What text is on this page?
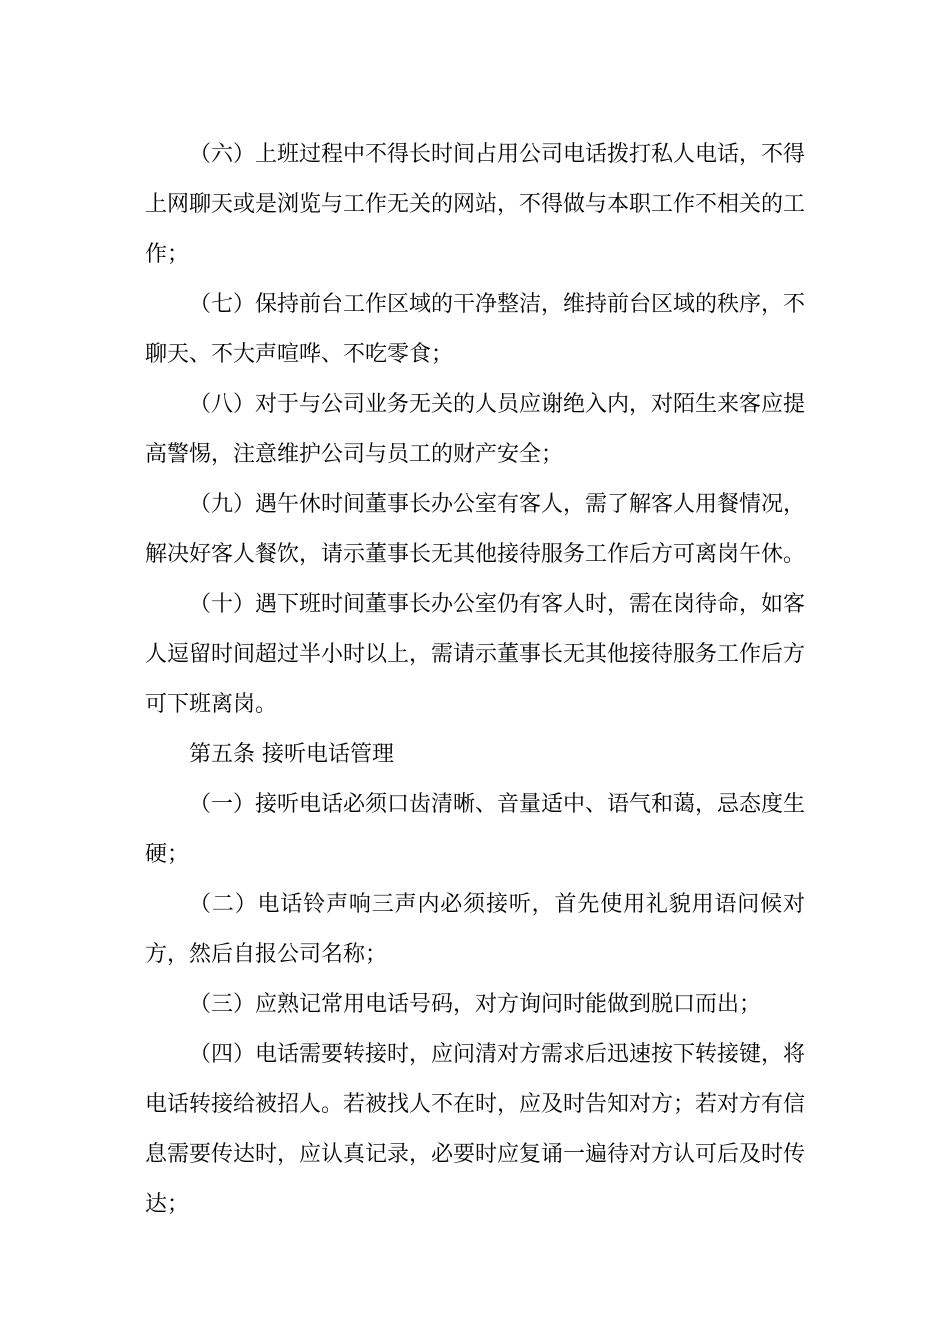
（六）上班过程中不得长时间占用公司电话拨打私人电话，不得上网聊天或是浏览与工作无关的网站，不得做与本职工作不相关的工作；

（七）保持前台工作区域的干净整洁，维持前台区域的秩序，不聊天、不大声喧哗、不吃零食；

（八）对于与公司业务无关的人员应谢绝入内，对陌生来客应提高警惕，注意维护公司与员工的财产安全；

（九）遇午休时间董事长办公室有客人，需了解客人用餐情况，解决好客人餐饮，请示董事长无其他接待服务工作后方可离岗午休。

（十）遇下班时间董事长办公室仍有客人时，需在岗待命，如客人逗留时间超过半小时以上，需请示董事长无其他接待服务工作后方可下班离岗。

第五条 接听电话管理

（一）接听电话必须口齿清晰、音量适中、语气和蔼，忌态度生硬；

（二）电话铃声响三声内必须接听，首先使用礼貌用语问候对方，然后自报公司名称；

（三）应熟记常用电话号码，对方询问时能做到脱口而出；

（四）电话需要转接时，应问清对方需求后迅速按下转接键，将电话转接给被招人。若被找人不在时，应及时告知对方；若对方有信息需要传达时，应认真记录，必要时应复诵一遍待对方认可后及时传达；
